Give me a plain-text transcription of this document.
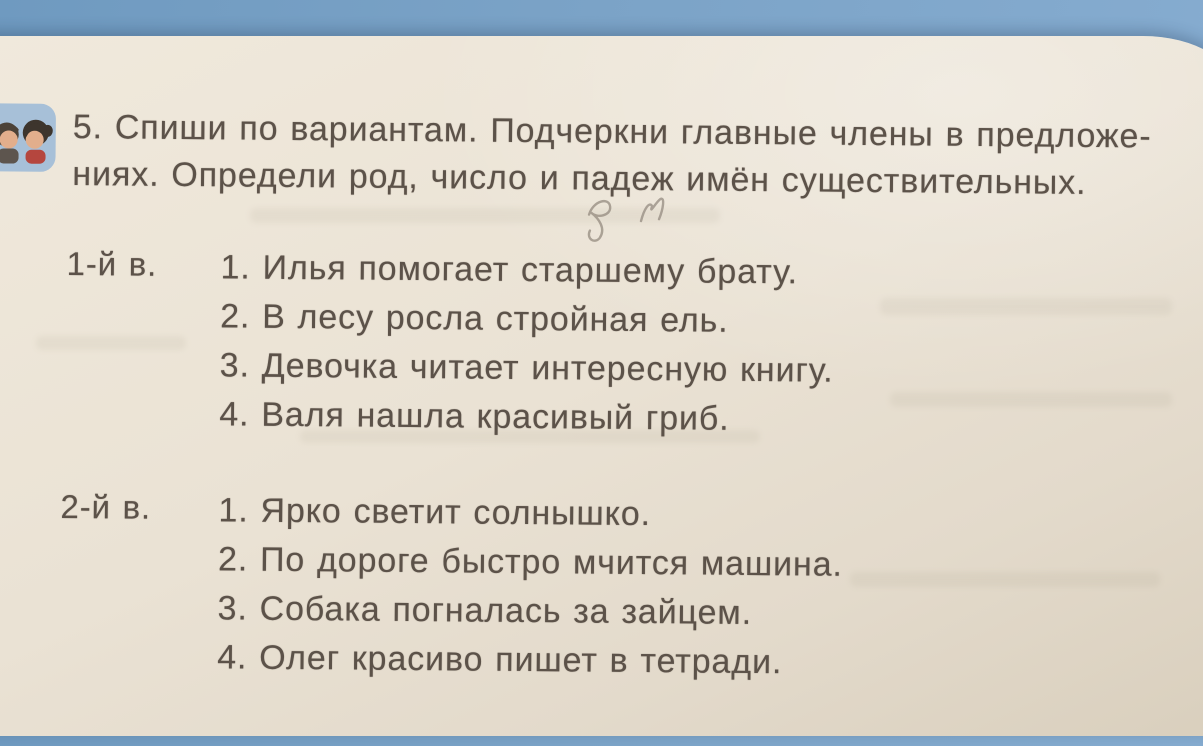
5. Спиши по вариантам. Подчеркни главные члены в предложе-
ниях. Определи род, число и падеж имён существительных.
1-й в. 1. Илья помогает старшему брату.
2. В лесу росла стройная ель.
3. Девочка читает интересную книгу.
4. Валя нашла красивый гриб.
2-й в. 1. Ярко светит солнышко.
2. По дороге быстро мчится машина.
3. Собака погналась за зайцем.
4. Олег красиво пишет в тетради.
